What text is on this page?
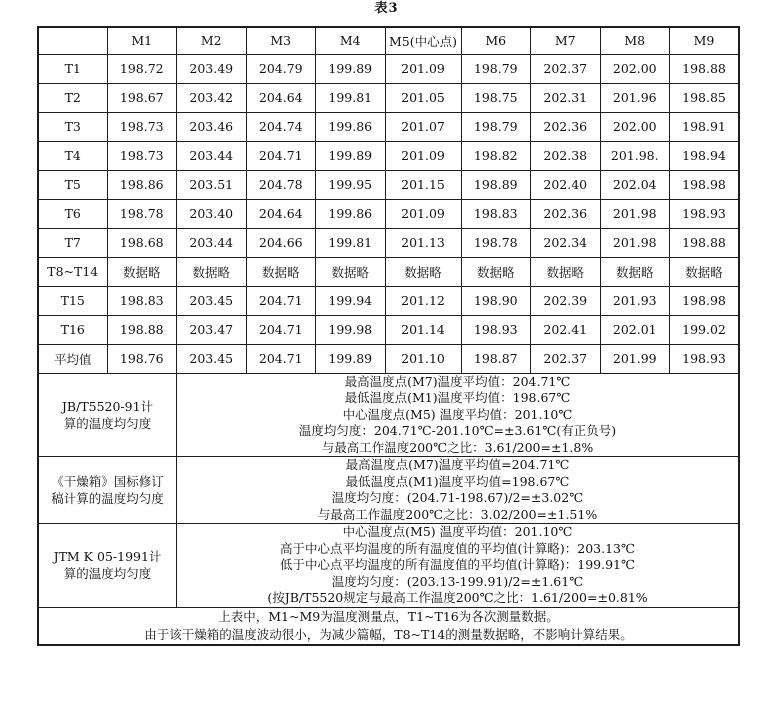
表3
	M1	M2	M3	M4	M5(中心点)	M6	M7	M8	M9
T1	198.72	203.49	204.79	199.89	201.09	198.79	202.37	202.00	198.88
T2	198.67	203.42	204.64	199.81	201.05	198.75	202.31	201.96	198.85
T3	198.73	203.46	204.74	199.86	201.07	198.79	202.36	202.00	198.91
T4	198.73	203.44	204.71	199.89	201.09	198.82	202.38	201.98.	198.94
T5	198.86	203.51	204.78	199.95	201.15	198.89	202.40	202.04	198.98
T6	198.78	203.40	204.64	199.86	201.09	198.83	202.36	201.98	198.93
T7	198.68	203.44	204.66	199.81	201.13	198.78	202.34	201.98	198.88
T8~T14	数据略	数据略	数据略	数据略	数据略	数据略	数据略	数据略	数据略
T15	198.83	203.45	204.71	199.94	201.12	198.90	202.39	201.93	198.98
T16	198.88	203.47	204.71	199.98	201.14	198.93	202.41	202.01	199.02
平均值	198.76	203.45	204.71	199.89	201.10	198.87	202.37	201.99	198.93

JB/T5520-91计
算的温度均匀度

最高温度点(M7)温度平均值：204.71℃
最低温度点(M1)温度平均值：198.67℃
中心温度点(M5) 温度平均值：201.10℃
温度均匀度：204.71℃-201.10℃=±3.61℃(有正负号)
与最高工作温度200℃之比：3.61/200=±1.8%

《干燥箱》国标修订
稿计算的温度均匀度

最高温度点(M7)温度平均值=204.71℃
最低温度点(M1)温度平均值=198.67℃
温度均匀度：(204.71-198.67)/2=±3.02℃
与最高工作温度200℃之比：3.02/200=±1.51%

JTM K 05-1991计
算的温度均匀度

中心温度点(M5) 温度平均值：201.10℃
高于中心点平均温度的所有温度值的平均值(计算略)：203.13℃
低于中心点平均温度的所有温度值的平均值(计算略)：199.91℃
温度均匀度：(203.13-199.91)/2=±1.61℃
(按JB/T5520规定与最高工作温度200℃之比：1.61/200=±0.81%

上表中，M1~M9为温度测量点，T1~T16为各次测量数据。
由于该干燥箱的温度波动很小，为减少篇幅，T8~T14的测量数据略，不影响计算结果。									
